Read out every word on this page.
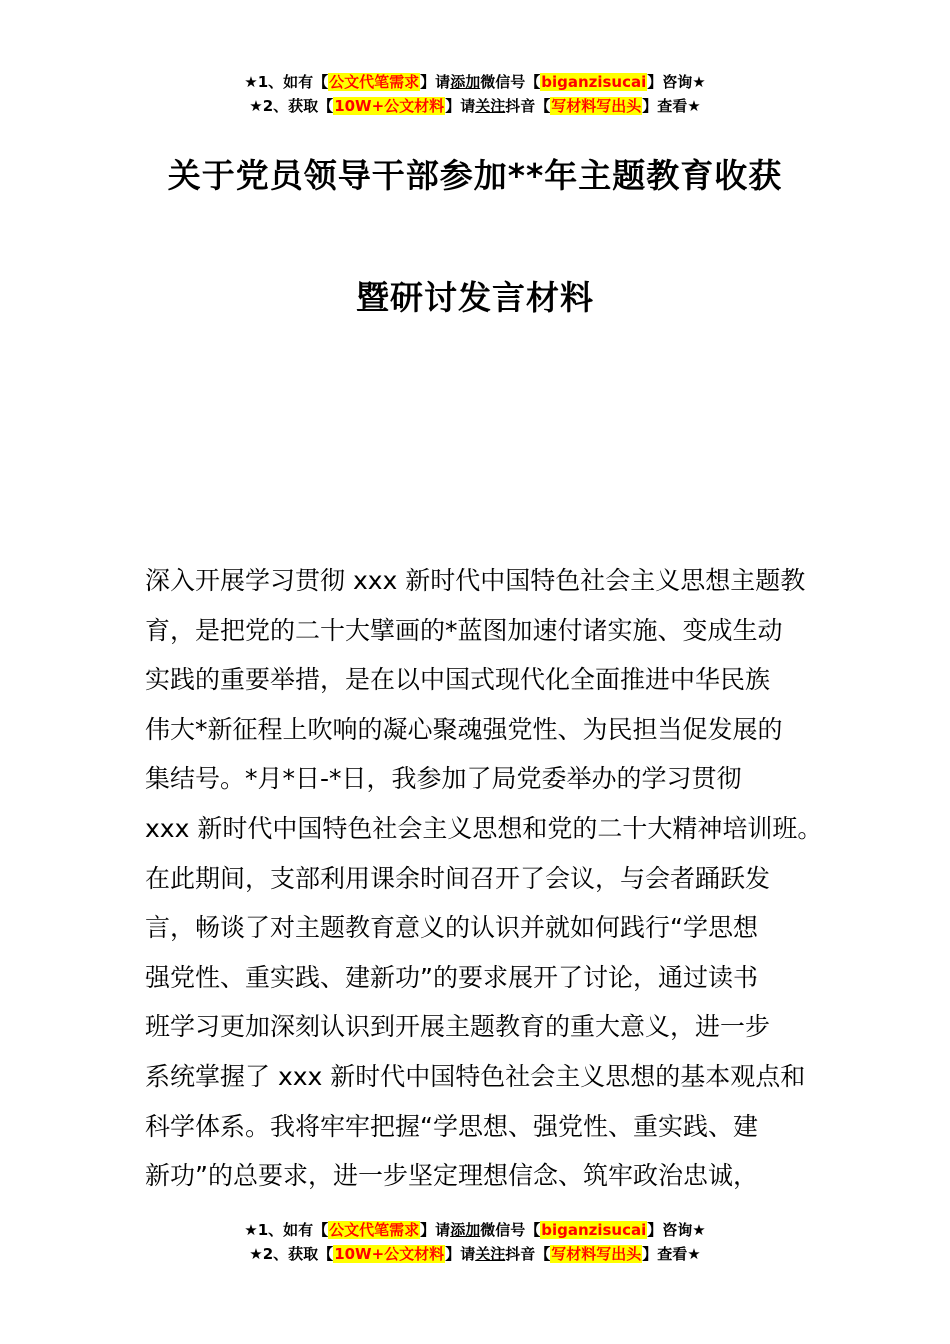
★1、如有【公文代笔需求】请添加微信号【biganzisucai】咨询★
★2、获取【10W+公文材料】请关注抖音【写材料写出头】查看★
关于党员领导干部参加**年主题教育收获
暨研讨发言材料
深入开展学习贯彻 xxx 新时代中国特色社会主义思想主题教
育，是把党的二十大擘画的*蓝图加速付诸实施、变成生动
实践的重要举措，是在以中国式现代化全面推进中华民族
伟大*新征程上吹响的凝心聚魂强党性、为民担当促发展的
集结号。*月*日-*日，我参加了局党委举办的学习贯彻
xxx 新时代中国特色社会主义思想和党的二十大精神培训班。
在此期间，支部利用课余时间召开了会议，与会者踊跃发
言，畅谈了对主题教育意义的认识并就如何践行“学思想
强党性、重实践、建新功”的要求展开了讨论，通过读书
班学习更加深刻认识到开展主题教育的重大意义，进一步
系统掌握了 xxx 新时代中国特色社会主义思想的基本观点和
科学体系。我将牢牢把握“学思想、强党性、重实践、建
新功”的总要求，进一步坚定理想信念、筑牢政治忠诚，
★1、如有【公文代笔需求】请添加微信号【biganzisucai】咨询★
★2、获取【10W+公文材料】请关注抖音【写材料写出头】查看★
